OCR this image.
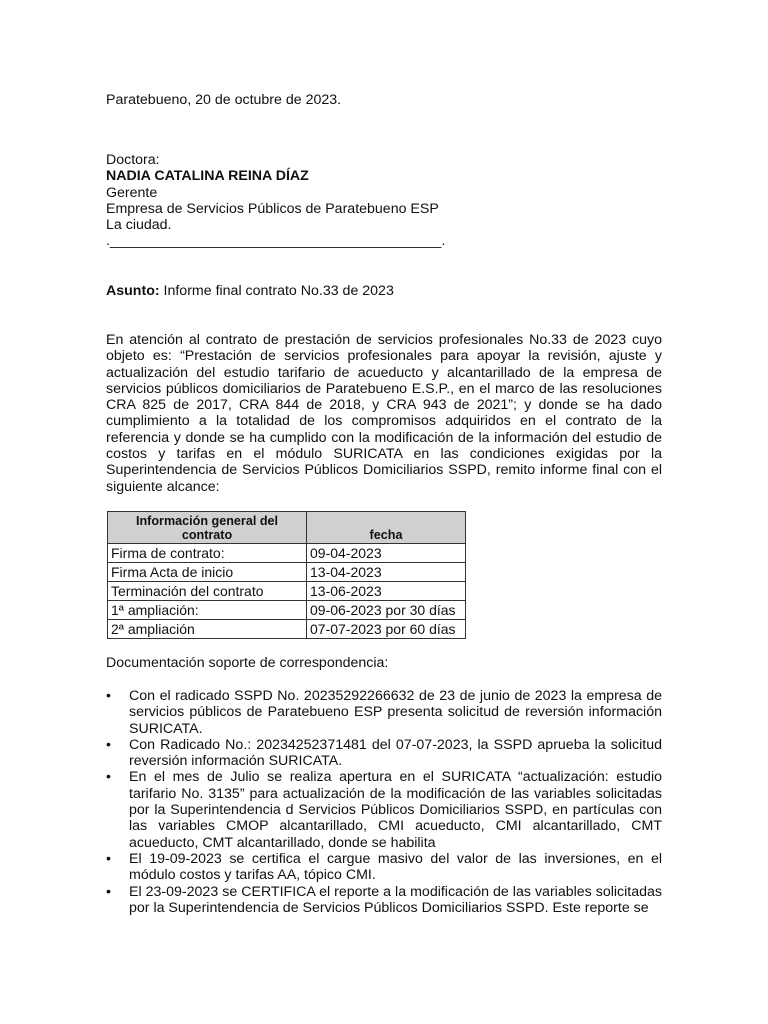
Paratebueno, 20 de octubre de 2023.
Doctora:
NADIA CATALINA REINA DÍAZ
Gerente
Empresa de Servicios Públicos de Paratebueno ESP
La ciudad.
.__________________________________________.
Asunto: Informe final contrato No.33 de 2023
En atención al contrato de prestación de servicios profesionales No.33 de 2023 cuyo objeto es: “Prestación de servicios profesionales para apoyar la revisión, ajuste y actualización del estudio tarifario de acueducto y alcantarillado de la empresa de servicios públicos domiciliarios de Paratebueno E.S.P., en el marco de las resoluciones CRA 825 de 2017, CRA 844 de 2018, y CRA 943 de 2021”; y donde se ha dado cumplimiento a la totalidad de los compromisos adquiridos en el contrato de la referencia y donde se ha cumplido con la modificación de la información del estudio de costos y tarifas en el módulo SURICATA en las condiciones exigidas por la Superintendencia de Servicios Públicos Domiciliarios SSPD, remito informe final con el siguiente alcance:
Información general del contrato	fecha
Firma de contrato:	09-04-2023
Firma Acta de inicio	13-04-2023
Terminación del contrato	13-06-2023
1ª ampliación:	09-06-2023 por 30 días
2ª ampliación	07-07-2023 por 60 días
Documentación soporte de correspondencia:
• Con el radicado SSPD No. 20235292266632 de 23 de junio de 2023 la empresa de servicios públicos de Paratebueno ESP presenta solicitud de reversión información SURICATA.
• Con Radicado No.: 20234252371481 del 07-07-2023, la SSPD aprueba la solicitud reversión información SURICATA.
• En el mes de Julio se realiza apertura en el SURICATA “actualización: estudio tarifario No. 3135” para actualización de la modificación de las variables solicitadas por la Superintendencia d Servicios Públicos Domiciliarios SSPD, en partículas con las variables CMOP alcantarillado, CMI acueducto, CMI alcantarillado, CMT acueducto, CMT alcantarillado, donde se habilita
• El 19-09-2023 se certifica el cargue masivo del valor de las inversiones, en el módulo costos y tarifas AA, tópico CMI.
• El 23-09-2023 se CERTIFICA el reporte a la modificación de las variables solicitadas por la Superintendencia de Servicios Públicos Domiciliarios SSPD. Este reporte se
